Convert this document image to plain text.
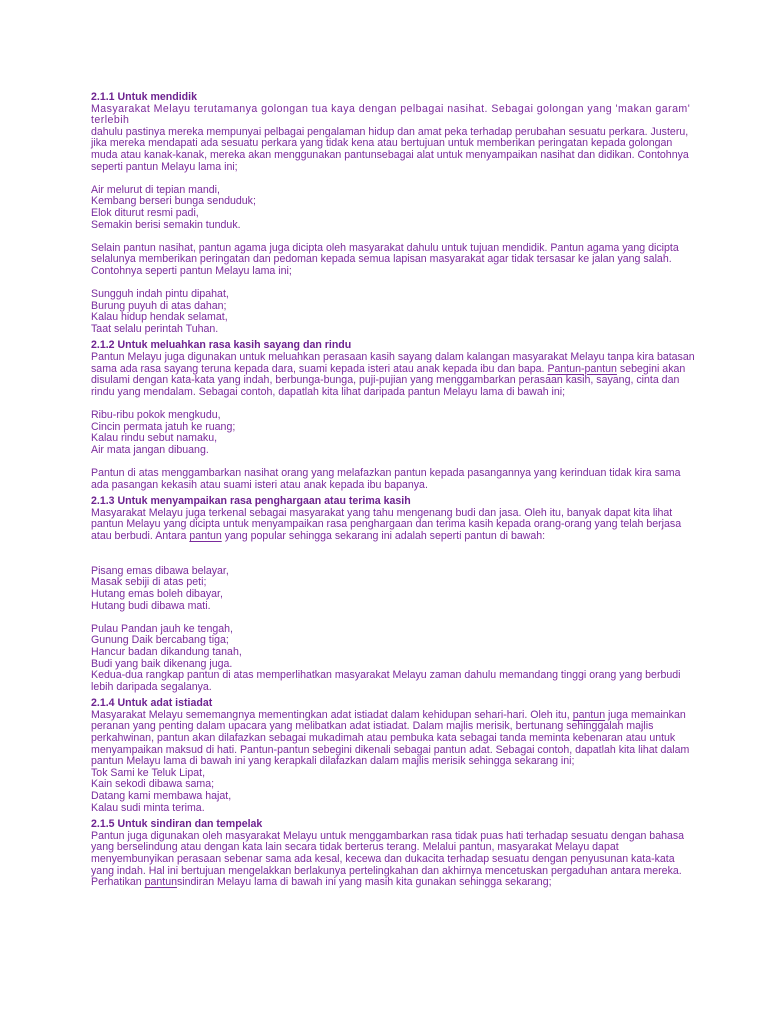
2.1.1 Untuk mendidik

Masyarakat Melayu terutamanya golongan tua kaya dengan pelbagai nasihat. Sebagai golongan yang 'makan garam' terlebih
dahulu pastinya mereka mempunyai pelbagai pengalaman hidup dan amat peka terhadap perubahan sesuatu perkara. Justeru, jika mereka mendapati ada sesuatu perkara yang tidak kena atau bertujuan untuk memberikan peringatan kepada golongan muda atau kanak-kanak, mereka akan menggunakan pantunsebagai alat untuk menyampaikan nasihat dan didikan. Contohnya seperti pantun Melayu lama ini;

Air melurut di tepian mandi,

Kembang berseri bunga senduduk;

Elok diturut resmi padi,

Semakin berisi semakin tunduk.

Selain pantun nasihat, pantun agama juga dicipta oleh masyarakat dahulu untuk tujuan mendidik. Pantun agama yang dicipta selalunya memberikan peringatan dan pedoman kepada semua lapisan masyarakat agar tidak tersasar ke jalan yang salah. Contohnya seperti pantun Melayu lama ini;

Sungguh indah pintu dipahat,

Burung puyuh di atas dahan;

Kalau hidup hendak selamat,

Taat selalu perintah Tuhan.

2.1.2 Untuk meluahkan rasa kasih sayang dan rindu

Pantun Melayu juga digunakan untuk meluahkan perasaan kasih sayang dalam kalangan masyarakat Melayu tanpa kira batasan sama ada rasa sayang teruna kepada dara, suami kepada isteri atau anak kepada ibu dan bapa. Pantun-pantun sebegini akan disulami dengan kata-kata yang indah, berbunga-bunga, puji-pujian yang menggambarkan perasaan kasih, sayang, cinta dan rindu yang mendalam. Sebagai contoh, dapatlah kita lihat daripada pantun Melayu lama di bawah ini;

Ribu-ribu pokok mengkudu,

Cincin permata jatuh ke ruang;

Kalau rindu sebut namaku,

Air mata jangan dibuang.

Pantun di atas menggambarkan nasihat orang yang melafazkan pantun kepada pasangannya yang kerinduan tidak kira sama ada pasangan kekasih atau suami isteri atau anak kepada ibu bapanya.

2.1.3 Untuk menyampaikan rasa penghargaan atau terima kasih

Masyarakat Melayu juga terkenal sebagai masyarakat yang tahu mengenang budi dan jasa. Oleh itu, banyak dapat kita lihat pantun Melayu yang dicipta untuk menyampaikan rasa penghargaan dan terima kasih kepada orang-orang yang telah berjasa atau berbudi. Antara pantun yang popular sehingga sekarang ini adalah seperti pantun di bawah:

Pisang emas dibawa belayar,

Masak sebiji di atas peti;

Hutang emas boleh dibayar,

Hutang budi dibawa mati.

Pulau Pandan jauh ke tengah,

Gunung Daik bercabang tiga;

Hancur badan dikandung tanah,

Budi yang baik dikenang juga.

Kedua-dua rangkap pantun di atas memperlihatkan masyarakat Melayu zaman dahulu memandang tinggi orang yang berbudi lebih daripada segalanya.

2.1.4 Untuk adat istiadat

Masyarakat Melayu sememangnya mementingkan adat istiadat dalam kehidupan sehari-hari. Oleh itu, pantun juga memainkan peranan yang penting dalam upacara yang melibatkan adat istiadat. Dalam majlis merisik, bertunang sehinggalah majlis perkahwinan, pantun akan dilafazkan sebagai mukadimah atau pembuka kata sebagai tanda meminta kebenaran atau untuk menyampaikan maksud di hati. Pantun-pantun sebegini dikenali sebagai pantun adat. Sebagai contoh, dapatlah kita lihat dalam pantun Melayu lama di bawah ini yang kerapkali dilafazkan dalam majlis merisik sehingga sekarang ini;

Tok Sami ke Teluk Lipat,

Kain sekodi dibawa sama;

Datang kami membawa hajat,

Kalau sudi minta terima.

2.1.5 Untuk sindiran dan tempelak

Pantun juga digunakan oleh masyarakat Melayu untuk menggambarkan rasa tidak puas hati terhadap sesuatu dengan bahasa yang berselindung atau dengan kata lain secara tidak berterus terang. Melalui pantun, masyarakat Melayu dapat menyembunyikan perasaan sebenar sama ada kesal, kecewa dan dukacita terhadap sesuatu dengan penyusunan kata-kata yang indah. Hal ini bertujuan mengelakkan berlakunya pertelingkahan dan akhirnya mencetuskan pergaduhan antara mereka.

Perhatikan pantunsindiran Melayu lama di bawah ini yang masih kita gunakan sehingga sekarang;
